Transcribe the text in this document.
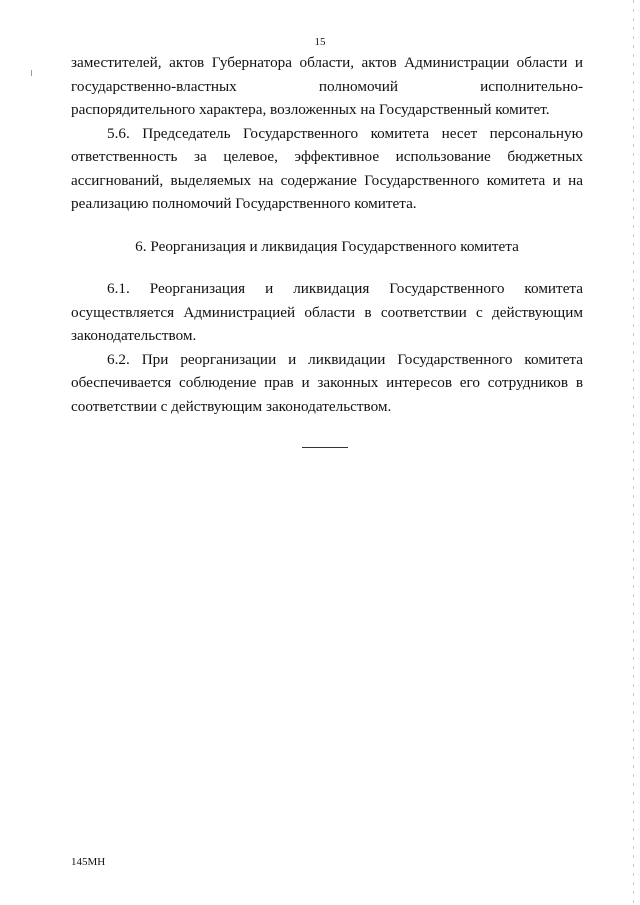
15

заместителей, актов Губернатора области, актов Администрации области и государственно-властных полномочий исполнительно-

распорядительного характера, возложенных на Государственный комитет.

5.6. Председатель Государственного комитета несет персональную ответственность за целевое, эффективное использование бюджетных ассигнований, выделяемых на содержание Государственного комитета и на реализацию полномочий Государственного комитета.

6. Реорганизация и ликвидация Государственного комитета

6.1. Реорганизация и ликвидация Государственного комитета осуществляется Администрацией области в соответствии с действующим законодательством.

6.2. При реорганизации и ликвидации Государственного комитета обеспечивается соблюдение прав и законных интересов его сотрудников в соответствии с действующим законодательством.

145МН
